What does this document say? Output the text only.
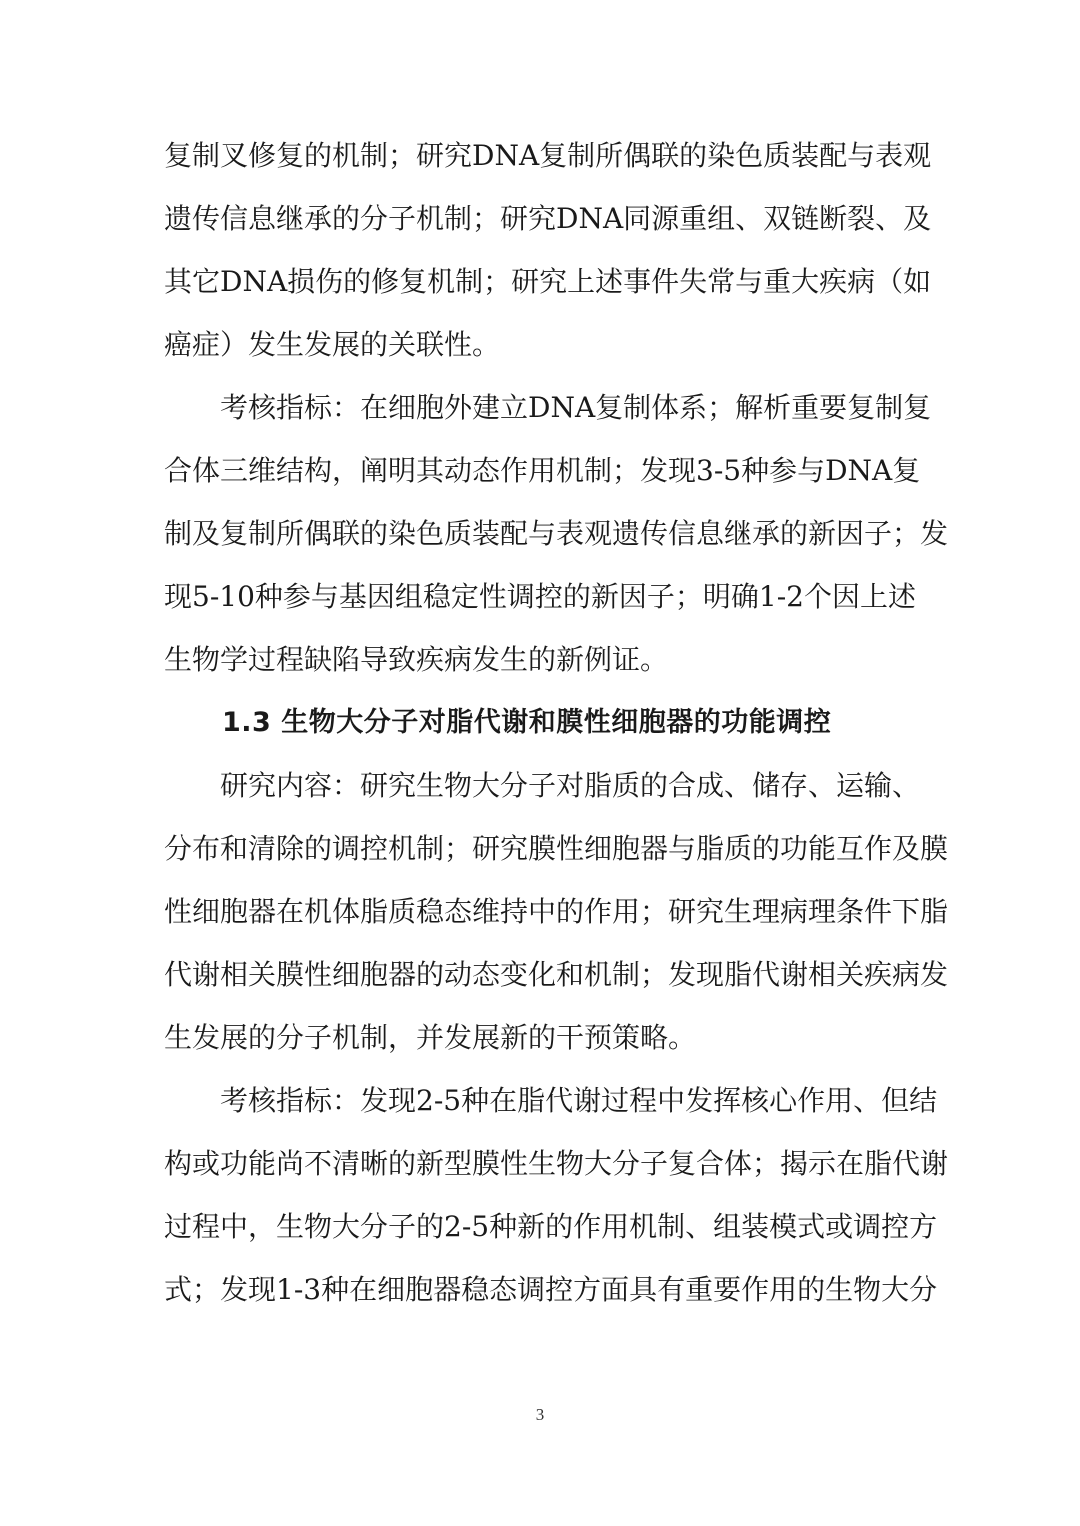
复制叉修复的机制；研究DNA复制所偶联的染色质装配与表观
遗传信息继承的分子机制；研究DNA同源重组、双链断裂、及
其它DNA损伤的修复机制；研究上述事件失常与重大疾病（如
癌症）发生发展的关联性。
考核指标：在细胞外建立DNA复制体系；解析重要复制复
合体三维结构，阐明其动态作用机制；发现3-5种参与DNA复
制及复制所偶联的染色质装配与表观遗传信息继承的新因子；发
现5-10种参与基因组稳定性调控的新因子；明确1-2个因上述
生物学过程缺陷导致疾病发生的新例证。
1.3 生物大分子对脂代谢和膜性细胞器的功能调控
研究内容：研究生物大分子对脂质的合成、储存、运输、
分布和清除的调控机制；研究膜性细胞器与脂质的功能互作及膜
性细胞器在机体脂质稳态维持中的作用；研究生理病理条件下脂
代谢相关膜性细胞器的动态变化和机制；发现脂代谢相关疾病发
生发展的分子机制，并发展新的干预策略。
考核指标：发现2-5种在脂代谢过程中发挥核心作用、但结
构或功能尚不清晰的新型膜性生物大分子复合体；揭示在脂代谢
过程中，生物大分子的2-5种新的作用机制、组装模式或调控方
式；发现1-3种在细胞器稳态调控方面具有重要作用的生物大分
3
